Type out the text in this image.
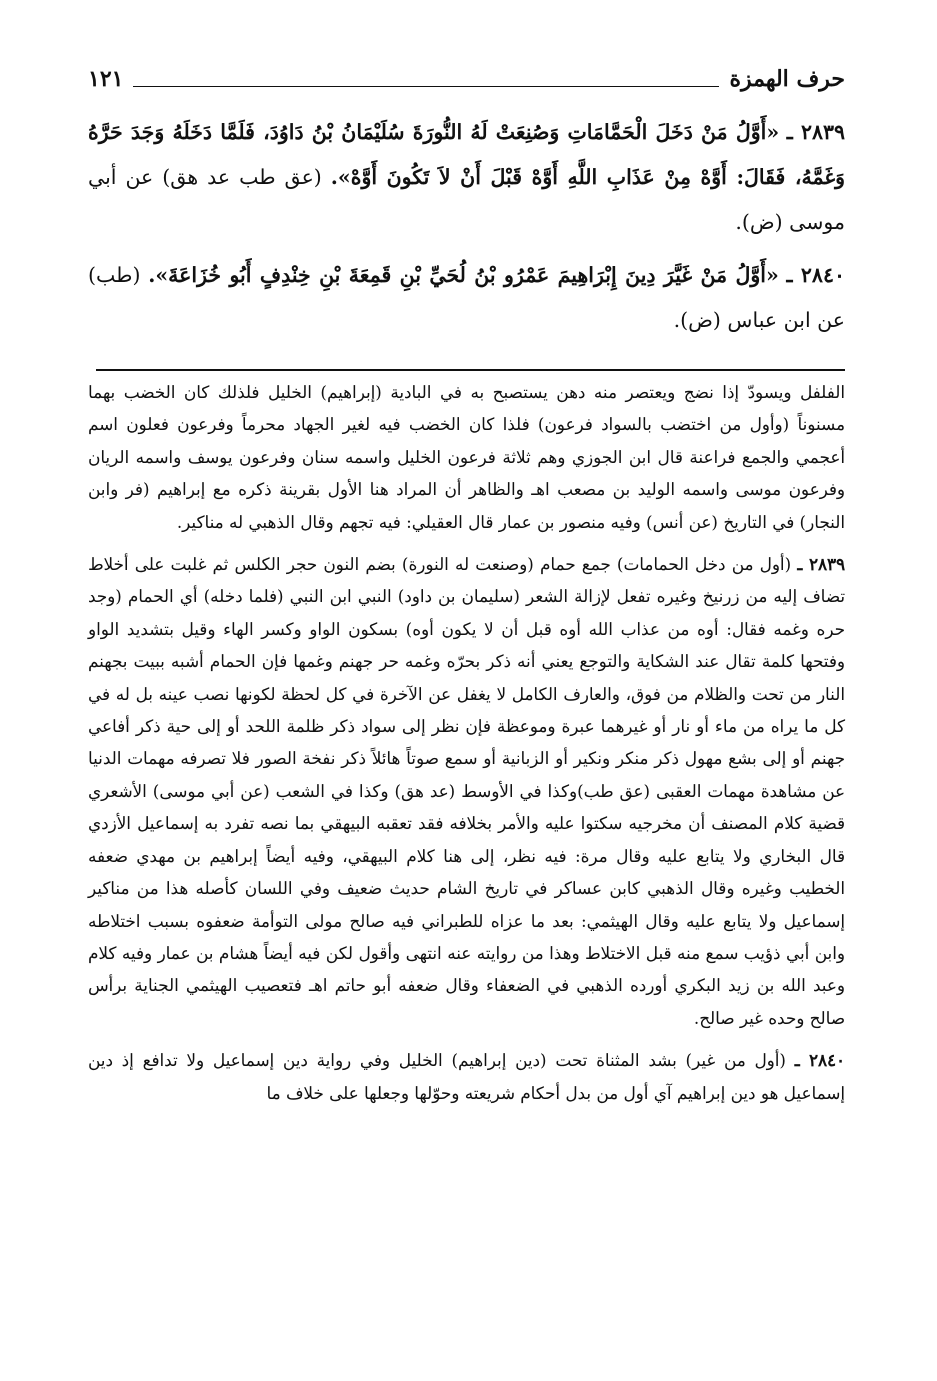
حرف الهمزة
١٢١

٢٨٣٩ ـ «أَوَّلُ مَنْ دَخَلَ الْحَمَّامَاتِ وَصُنِعَتْ لَهُ النُّورَةَ سُلَيْمَانُ بْنُ دَاوُدَ، فَلَمَّا دَخَلَهُ وَجَدَ حَرَّهُ وَغَمَّهُ، فَقَالَ: أَوَّهْ مِنْ عَذَابِ اللَّهِ أَوَّهْ قَبْلَ أَنْ لاَ تَكُونَ أَوَّهْ». (عق طب عد هق) عن أبي موسى (ض).

٢٨٤٠ ـ «أَوَّلُ مَنْ غَيَّرَ دِينَ إِبْرَاهِيمَ عَمْرُو بْنُ لُحَيِّ بْنِ قَمِعَةَ بْنِ خِنْدِفٍ أَبُو خُزَاعَةَ». (طب) عن ابن عباس (ض).

الفلفل ويسودّ إذا نضج ويعتصر منه دهن يستصبح به في البادية (إبراهيم) الخليل فلذلك كان الخضب بهما مسنوناً (وأول من اختضب بالسواد فرعون) فلذا كان الخضب فيه لغير الجهاد محرماً وفرعون فعلون اسم أعجمي والجمع فراعنة قال ابن الجوزي وهم ثلاثة فرعون الخليل واسمه سنان وفرعون يوسف واسمه الريان وفرعون موسى واسمه الوليد بن مصعب اهـ والظاهر أن المراد هنا الأول بقرينة ذكره مع إبراهيم (فر وابن النجار) في التاريخ (عن أنس) وفيه منصور بن عمار قال العقيلي: فيه تجهم وقال الذهبي له مناكير.

٢٨٣٩ ـ (أول من دخل الحمامات) جمع حمام (وصنعت له النورة) بضم النون حجر الكلس ثم غلبت على أخلاط تضاف إليه من زرنيخ وغيره تفعل لإزالة الشعر (سليمان بن داود) النبي ابن النبي (فلما دخله) أي الحمام (وجد حره وغمه فقال: أوه من عذاب الله أوه قبل أن لا يكون أوه) بسكون الواو وكسر الهاء وقيل بتشديد الواو وفتحها كلمة تقال عند الشكاية والتوجع يعني أنه ذكر بحرّه وغمه حر جهنم وغمها فإن الحمام أشبه ببيت بجهنم النار من تحت والظلام من فوق، والعارف الكامل لا يغفل عن الآخرة في كل لحظة لكونها نصب عينه بل له في كل ما يراه من ماء أو نار أو غيرهما عبرة وموعظة فإن نظر إلى سواد ذكر ظلمة اللحد أو إلى حية ذكر أفاعي جهنم أو إلى بشع مهول ذكر منكر ونكير أو الزبانية أو سمع صوتاً هائلاً ذكر نفخة الصور فلا تصرفه مهمات الدنيا عن مشاهدة مهمات العقبى (عق طب)وكذا في الأوسط (عد هق) وكذا في الشعب (عن أبي موسى) الأشعري قضية كلام المصنف أن مخرجيه سكتوا عليه والأمر بخلافه فقد تعقبه البيهقي بما نصه تفرد به إسماعيل الأزدي قال البخاري ولا يتابع عليه وقال مرة: فيه نظر، إلى هنا كلام البيهقي، وفيه أيضاً إبراهيم بن مهدي ضعفه الخطيب وغيره وقال الذهبي كابن عساكر في تاريخ الشام حديث ضعيف وفي اللسان كأصله هذا من مناكير إسماعيل ولا يتابع عليه وقال الهيثمي: بعد ما عزاه للطبراني فيه صالح مولى التوأمة ضعفوه بسبب اختلاطه وابن أبي ذؤيب سمع منه قبل الاختلاط وهذا من روايته عنه انتهى وأقول لكن فيه أيضاً هشام بن عمار وفيه كلام وعبد الله بن زيد البكري أورده الذهبي في الضعفاء وقال ضعفه أبو حاتم اهـ فتعصيب الهيثمي الجناية برأس صالح وحده غير صالح.

٢٨٤٠ ـ (أول من غير) بشد المثناة تحت (دين إبراهيم) الخليل وفي رواية دين إسماعيل ولا تدافع إذ دين إسماعيل هو دين إبراهيم آي أول من بدل أحكام شريعته وحوّلها وجعلها على خلاف ما
